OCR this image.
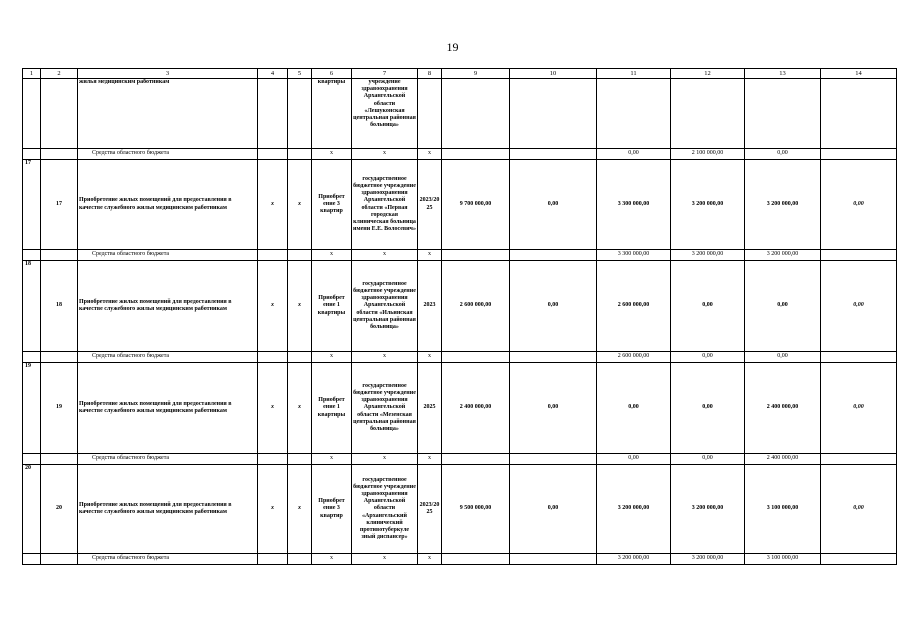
19
1	2	3	4	5	6	7	8	9	10	11	12	13	14
		жилья медицинским работникам			квартиры	учреждение здравоохранения Архангельской области «Лешуконская центральная районная больница»							
		Средства областного бюджета			х	х	х			0,00	2 100 000,00	0,00	
17	17	Приобретение жилых помещений для предоставления в качестве служебного жилья медицинским работникам	х	х	Приобрет ение 3 квартир	государственное бюджетное учреждение здравоохранения Архангельской области «Первая городская клиническая больница имени Е.Е. Волосевич»	2023/20 25	9 700 000,00	0,00	3 300 000,00	3 200 000,00	3 200 000,00	0,00
		Средства областного бюджета			х	х	х			3 300 000,00	3 200 000,00	3 200 000,00	
18	18	Приобретение жилых помещений для предоставления в качестве служебного жилья медицинским работникам	х	х	Приобрет ение 1 квартиры	государственное бюджетное учреждение здравоохранения Архангельской области «Ильинская центральная районная больница»	2023	2 600 000,00	0,00	2 600 000,00	0,00	0,00	0,00
		Средства областного бюджета			х	х	х			2 600 000,00	0,00	0,00	
19	19	Приобретение жилых помещений для предоставления в качестве служебного жилья медицинским работникам	х	х	Приобрет ение 1 квартиры	государственное бюджетное учреждение здравоохранения Архангельской области «Мезенская центральная районная больница»	2025	2 400 000,00	0,00	0,00	0,00	2 400 000,00	0,00
		Средства областного бюджета			х	х	х			0,00	0,00	2 400 000,00	
20	20	Приобретение жилых помещений для предоставления в качестве служебного жилья медицинским работникам	х	х	Приобрет ение 3 квартир	государственное бюджетное учреждение здравоохранения Архангельской области «Архангельский клинический противотуберкуле зный диспансер»	2023/20 25	9 500 000,00	0,00	3 200 000,00	3 200 000,00	3 100 000,00	0,00
		Средства областного бюджета			х	х	х			3 200 000,00	3 200 000,00	3 100 000,00	
